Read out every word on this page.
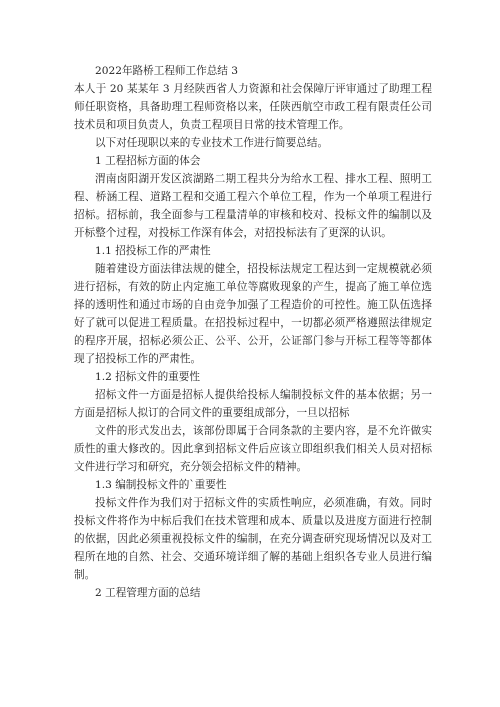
2022年路桥工程师工作总结 3

本人于 20 某某年 3 月经陕西省人力资源和社会保障厅评审通过了助理工程师任职资格，具备助理工程师资格以来，任陕西航空市政工程有限责任公司技术员和项目负责人，负责工程项目日常的技术管理工作。

以下对任现职以来的专业技术工作进行简要总结。

1 工程招标方面的体会

渭南卤阳湖开发区滨湖路二期工程共分为给水工程、排水工程、照明工程、桥涵工程、道路工程和交通工程六个单位工程，作为一个单项工程进行招标。招标前，我全面参与工程量清单的审核和校对、投标文件的编制以及开标整个过程，对投标工作深有体会，对招投标法有了更深的认识。

1.1 招投标工作的严肃性

随着建设方面法律法规的健全，招投标法规定工程达到一定规模就必须进行招标，有效的防止内定施工单位等腐败现象的产生，提高了施工单位选择的透明性和通过市场的自由竞争加强了工程造价的可控性。施工队伍选择好了就可以促进工程质量。在招投标过程中，一切都必须严格遵照法律规定的程序开展，招标必须公正、公平、公开，公证部门参与开标工程等等都体现了招投标工作的严肃性。

1.2 招标文件的重要性

招标文件一方面是招标人提供给投标人编制投标文件的基本依据；另一方面是招标人拟订的合同文件的重要组成部分，一旦以招标

文件的形式发出去，该部份即属于合同条款的主要内容，是不允许做实质性的重大修改的。因此拿到招标文件后应该立即组织我们相关人员对招标文件进行学习和研究，充分领会招标文件的精神。

1.3 编制投标文件的`重要性

投标文件作为我们对于招标文件的实质性响应，必须准确，有效。同时投标文件将作为中标后我们在技术管理和成本、质量以及进度方面进行控制的依据，因此必须重视投标文件的编制，在充分调查研究现场情况以及对工程所在地的自然、社会、交通环境详细了解的基础上组织各专业人员进行编制。

2 工程管理方面的总结
